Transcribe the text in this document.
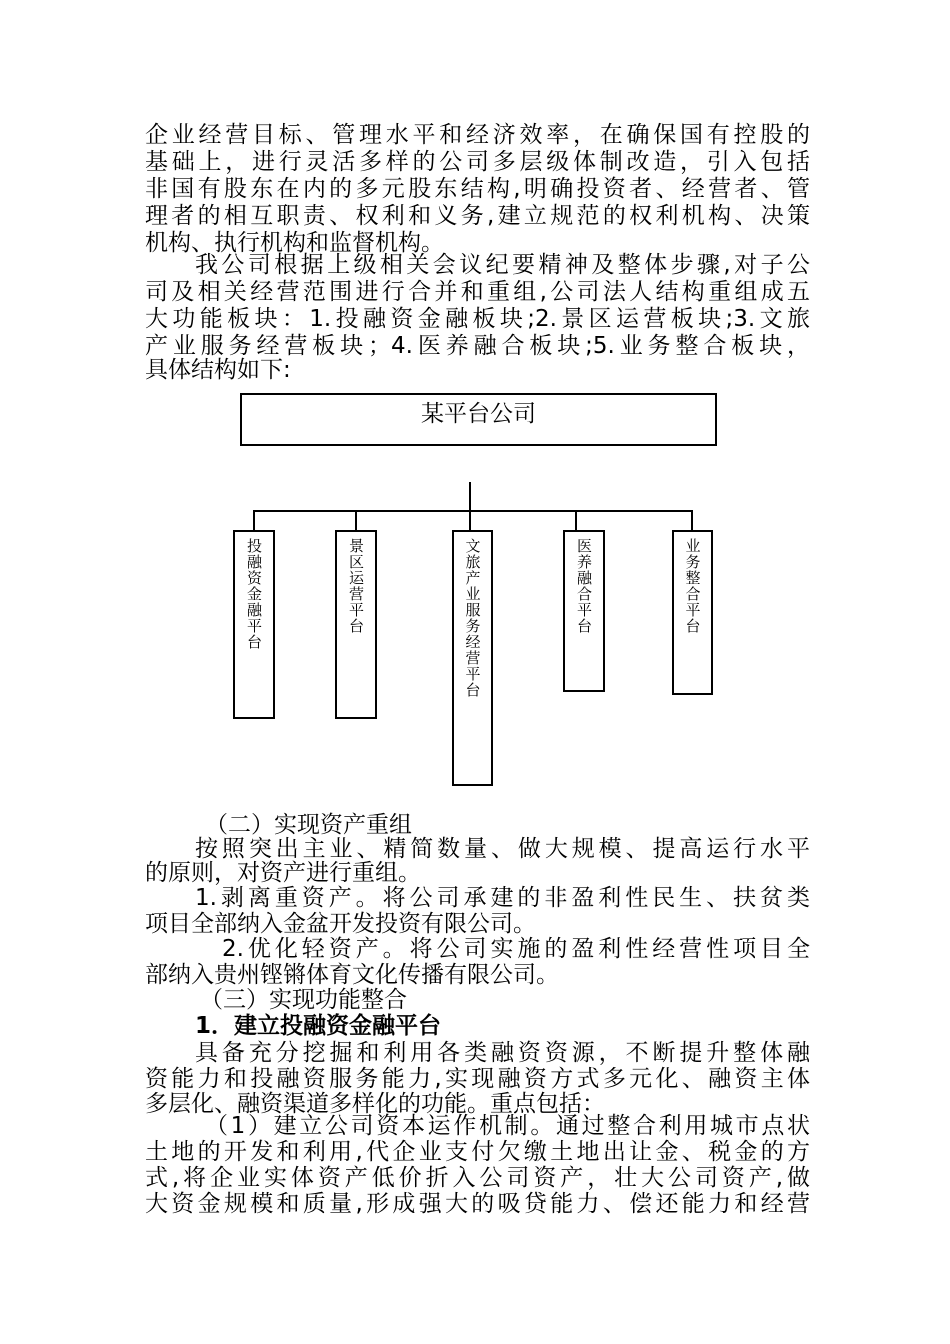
企业经营目标、管理水平和经济效率，在确保国有控股的
基础上，进行灵活多样的公司多层级体制改造，引入包括
非国有股东在内的多元股东结构,明确投资者、经营者、管
理者的相互职责、权利和义务,建立规范的权利机构、决策
机构、执行机构和监督机构。
我公司根据上级相关会议纪要精神及整体步骤,对子公
司及相关经营范围进行合并和重组,公司法人结构重组成五
大功能板块：1.投融资金融板块;2.景区运营板块;3.文旅
产业服务经营板块；4.医养融合板块;5.业务整合板块，
具体结构如下:
某平台公司
投融资金融平台	景区运营平台	文旅产业服务经营平台	医养融合平台	业务整合平台
（二）实现资产重组
按照突出主业、精简数量、做大规模、提高运行水平
的原则，对资产进行重组。
1.剥离重资产。将公司承建的非盈利性民生、扶贫类
项目全部纳入金盆开发投资有限公司。
2.优化轻资产。将公司实施的盈利性经营性项目全
部纳入贵州铿锵体育文化传播有限公司。
（三）实现功能整合
1．建立投融资金融平台
具备充分挖掘和利用各类融资资源，不断提升整体融
资能力和投融资服务能力,实现融资方式多元化、融资主体
多层化、融资渠道多样化的功能。重点包括：
（1）建立公司资本运作机制。通过整合利用城市点状
土地的开发和利用,代企业支付欠缴土地出让金、税金的方
式,将企业实体资产低价折入公司资产，壮大公司资产,做
大资金规模和质量,形成强大的吸贷能力、偿还能力和经营
